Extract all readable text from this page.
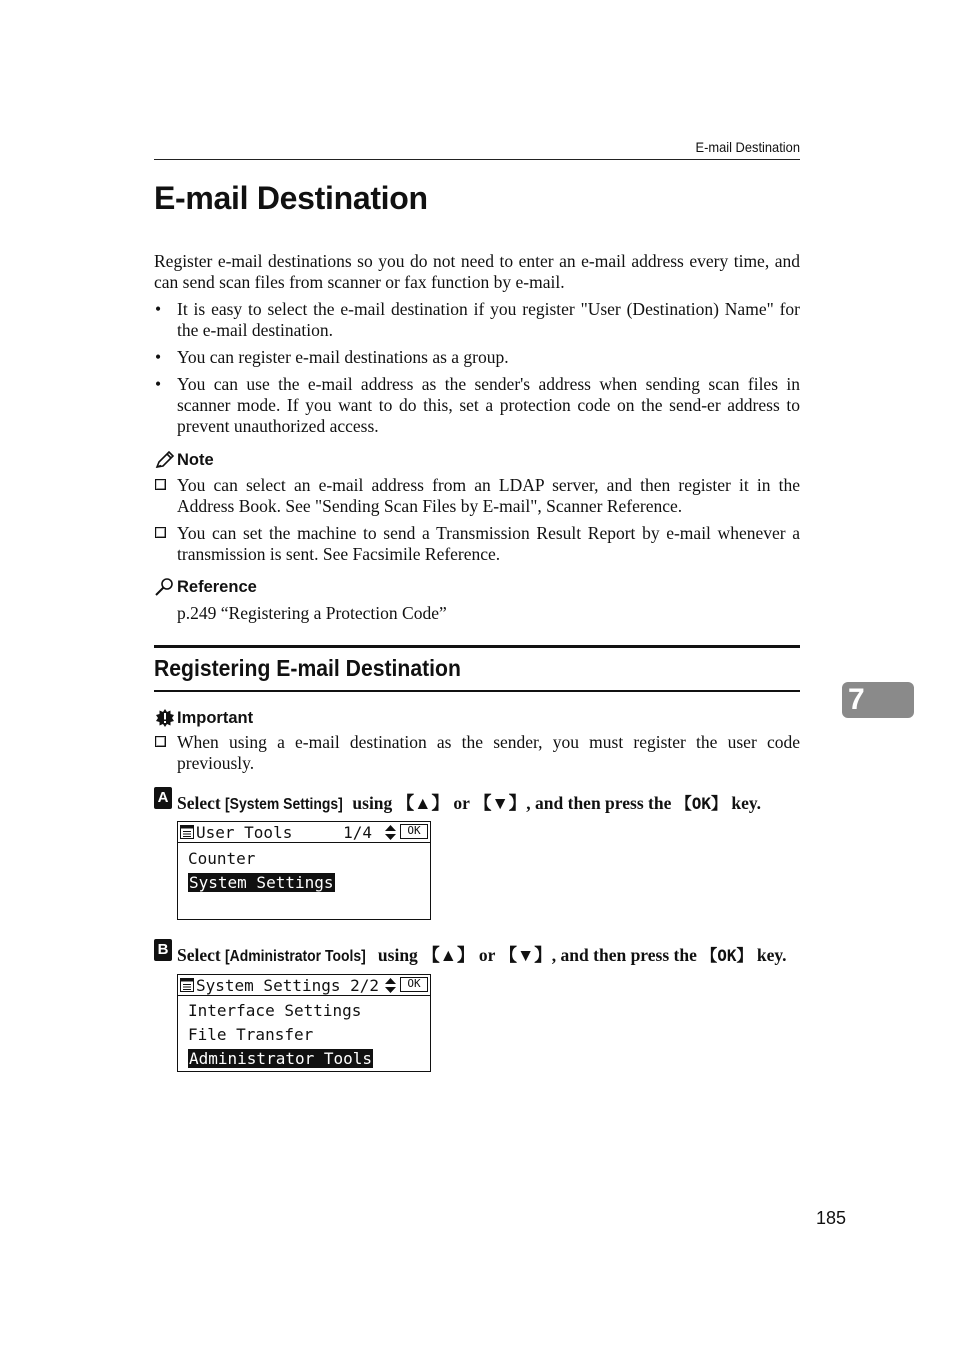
E-mail Destination
E-mail Destination
Register e-mail destinations so you do not need to enter an e-mail address every time, and can send scan files from scanner or fax function by e-mail.
• It is easy to select the e-mail destination if you register "User (Destination) Name" for the e-mail destination.
• You can register e-mail destinations as a group.
• You can use the e-mail address as the sender's address when sending scan files in scanner mode. If you want to do this, set a protection code on the send-er address to prevent unauthorized access.
Note
You can select an e-mail address from an LDAP server, and then register it in the Address Book. See "Sending Scan Files by E-mail", Scanner Reference.
You can set the machine to send a Transmission Result Report by e-mail whenever a transmission is sent. See Facsimile Reference.
Reference
p.249 “Registering a Protection Code”
Registering E-mail Destination
7
Important
When using a e-mail destination as the sender, you must register the user code previously.
A Select [System Settings] using 【▲】 or 【▼】, and then press the 【OK】 key.
User Tools	1/4	OK
Counter
System Settings
B Select [Administrator Tools] using 【▲】 or 【▼】, and then press the 【OK】 key.
System Settings 2/2	OK
Interface Settings
File Transfer
Administrator Tools
185
